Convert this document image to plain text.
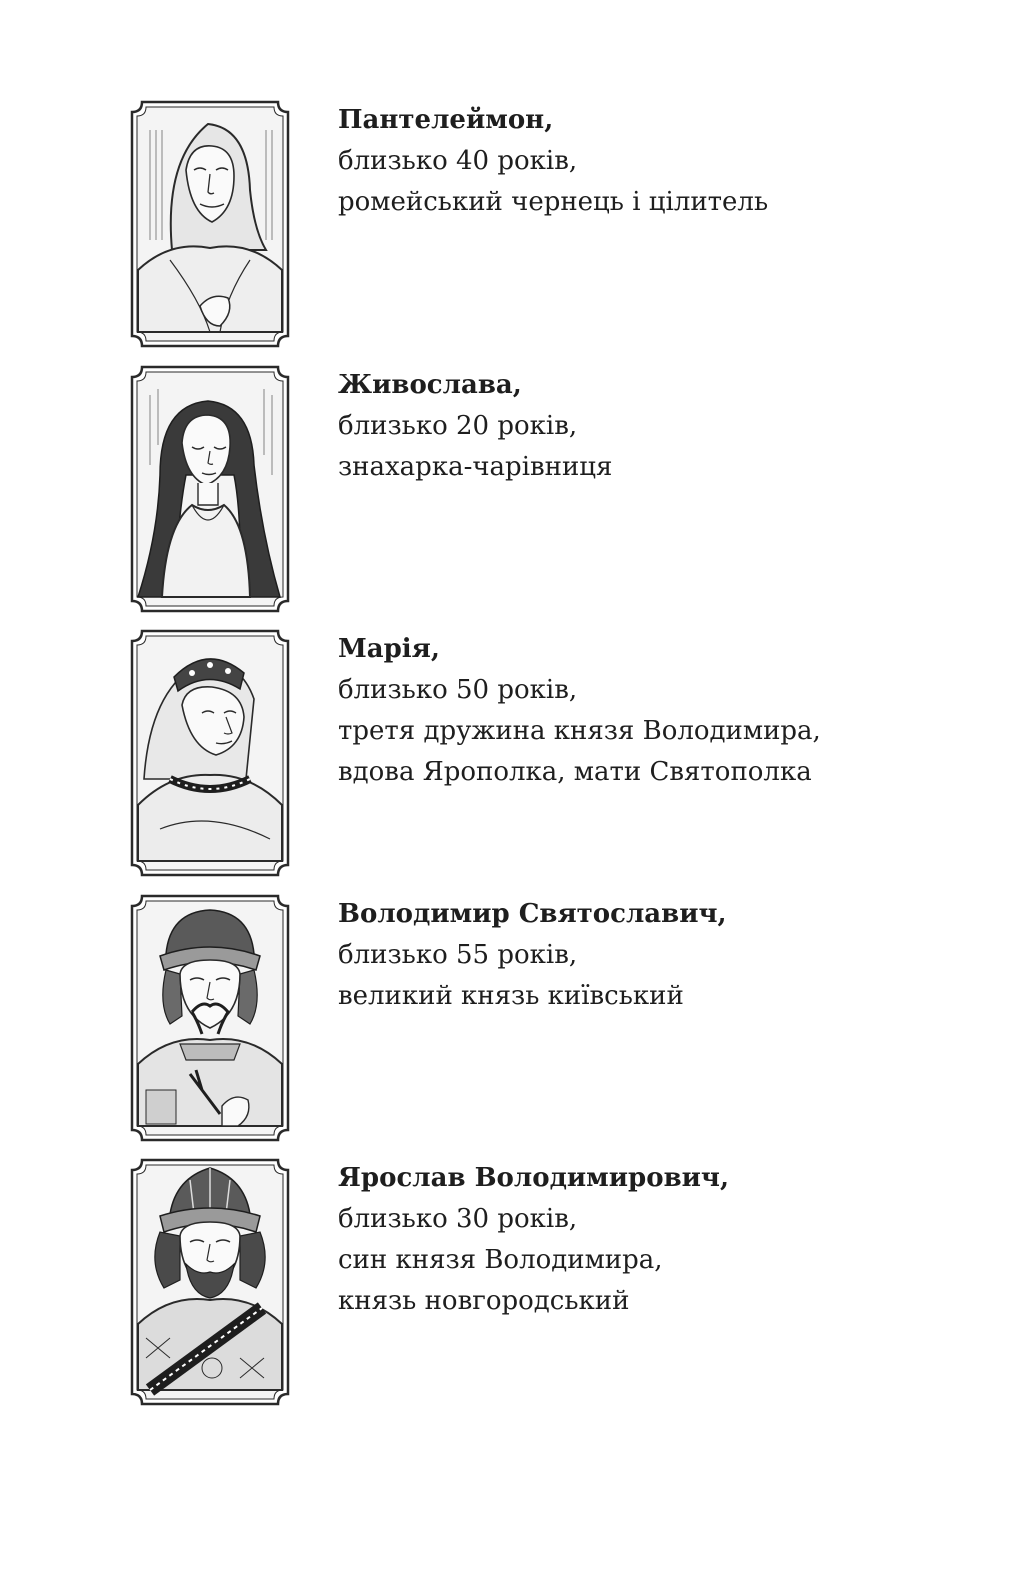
Пантелеймон,

близько 40 років,

ромейський чернець і цілитель

Живослава,

близько 20 років,

знахарка-чарівниця

Марія,

близько 50 років,

третя дружина князя Володимира,

вдова Ярополка, мати Святополка

Володимир Святославич,

близько 55 років,

великий князь київський

Ярослав Володимирович,

близько 30 років,

син князя Володимира,

князь новгородський
